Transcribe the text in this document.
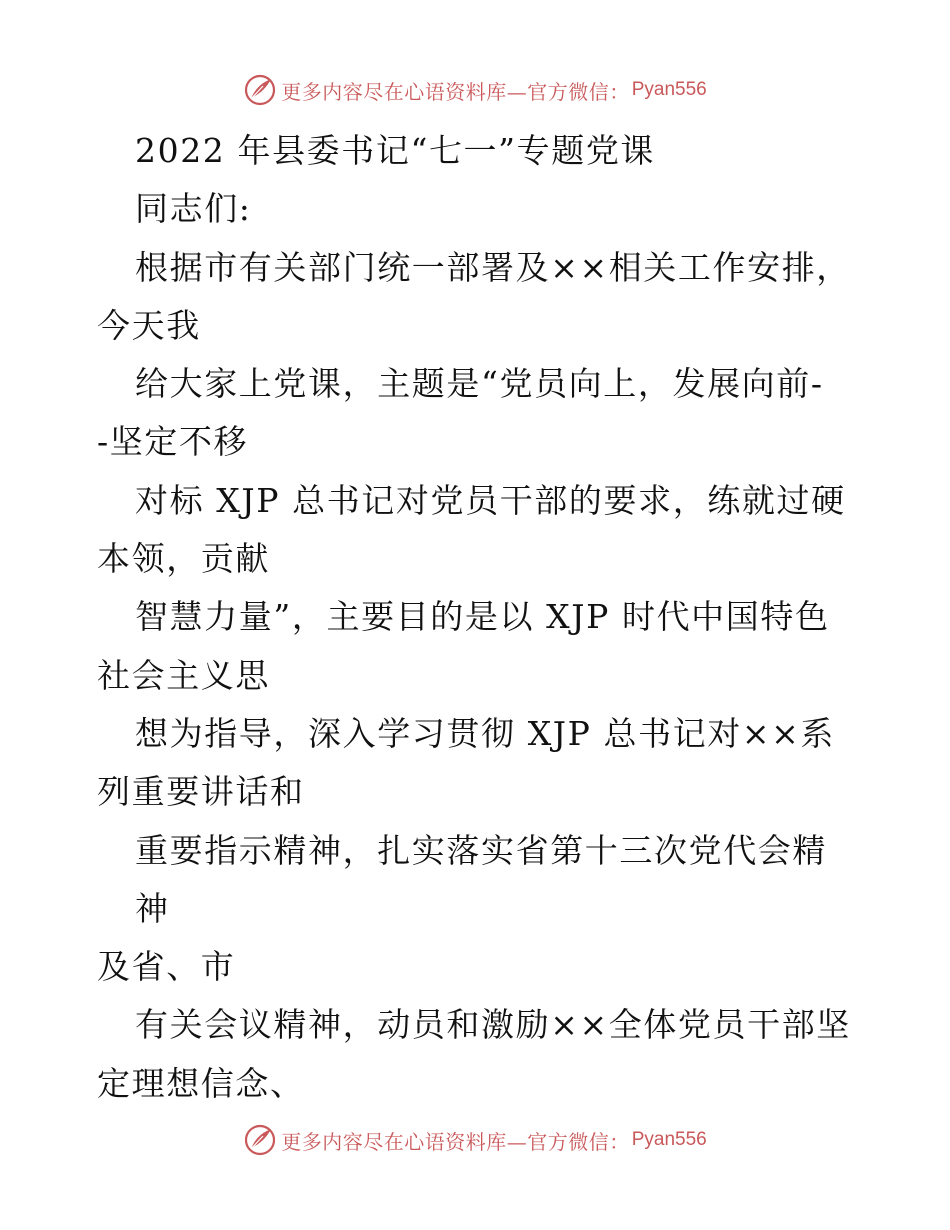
更多内容尽在心语资料库—官方微信： Pyan556

2022 年县委书记“七一”专题党课

同志们:

根据市有关部门统一部署及××相关工作安排，

今天我

给大家上党课，主题是“党员向上，发展向前-

-坚定不移

对标 XJP 总书记对党员干部的要求，练就过硬

本领，贡献

智慧力量”，主要目的是以 XJP 时代中国特色

社会主义思

想为指导，深入学习贯彻 XJP 总书记对××系

列重要讲话和

重要指示精神，扎实落实省第十三次党代会精神

及省、市

有关会议精神，动员和激励××全体党员干部坚

定理想信念、

更多内容尽在心语资料库—官方微信： Pyan556
